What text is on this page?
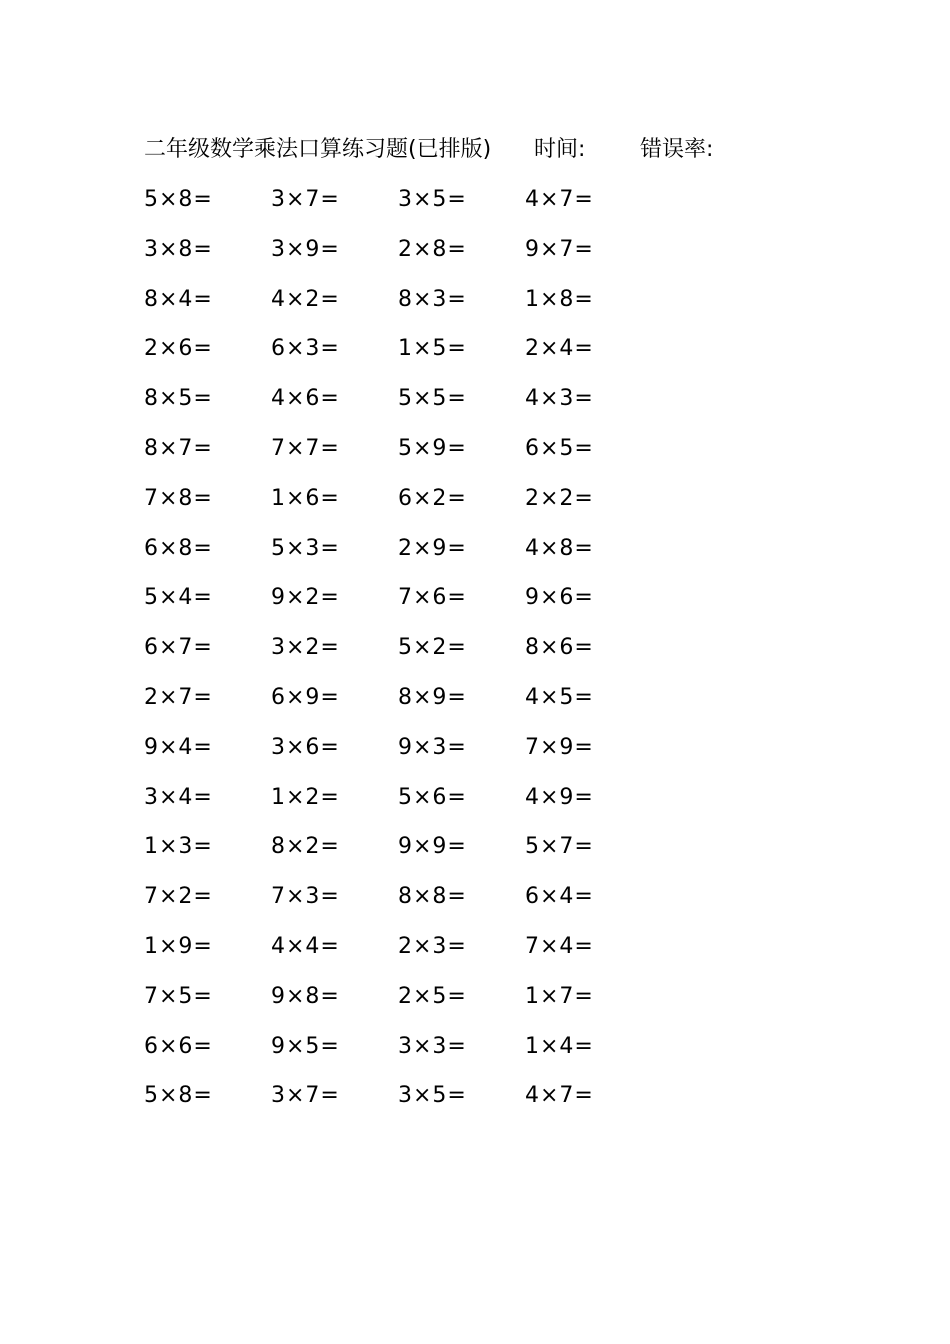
二年级数学乘法口算练习题(已排版) 时间: 错误率:
5×8=	3×7=	3×5=	4×7=
3×8=	3×9=	2×8=	9×7=
8×4=	4×2=	8×3=	1×8=
2×6=	6×3=	1×5=	2×4=
8×5=	4×6=	5×5=	4×3=
8×7=	7×7=	5×9=	6×5=
7×8=	1×6=	6×2=	2×2=
6×8=	5×3=	2×9=	4×8=
5×4=	9×2=	7×6=	9×6=
6×7=	3×2=	5×2=	8×6=
2×7=	6×9=	8×9=	4×5=
9×4=	3×6=	9×3=	7×9=
3×4=	1×2=	5×6=	4×9=
1×3=	8×2=	9×9=	5×7=
7×2=	7×3=	8×8=	6×4=
1×9=	4×4=	2×3=	7×4=
7×5=	9×8=	2×5=	1×7=
6×6=	9×5=	3×3=	1×4=
5×8=	3×7=	3×5=	4×7=
